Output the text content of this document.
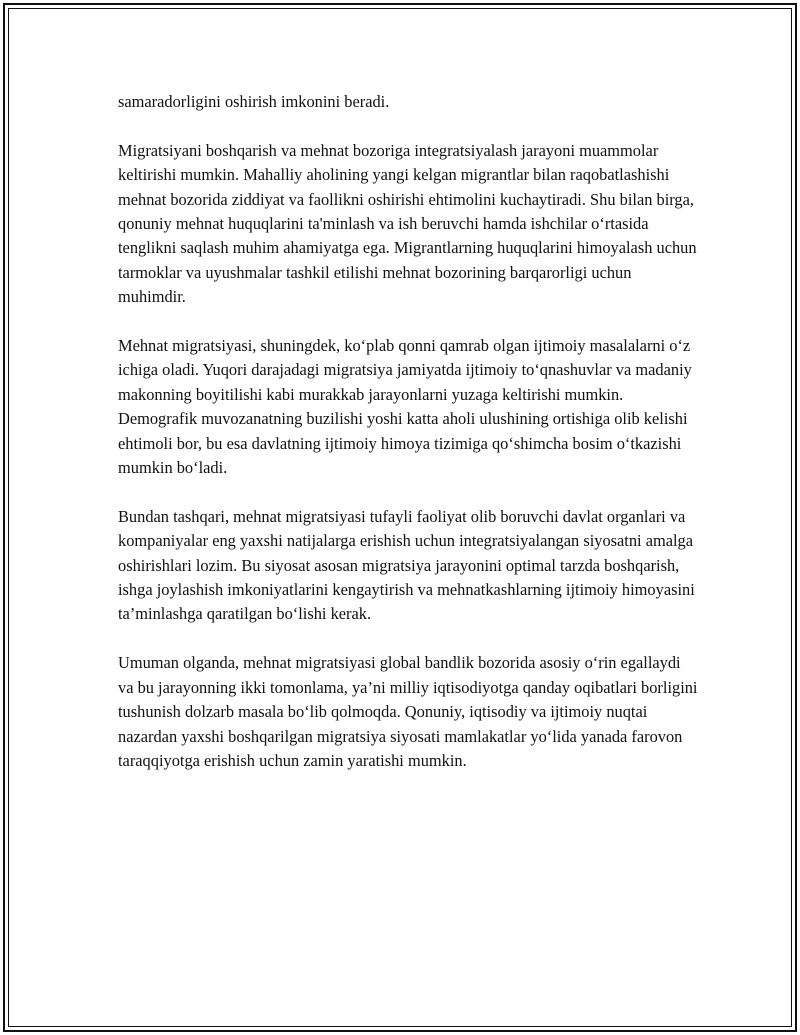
samaradorligini oshirish imkonini beradi.

Migratsiyani boshqarish va mehnat bozoriga integratsiyalash jarayoni muammolar keltirishi mumkin. Mahalliy aholining yangi kelgan migrantlar bilan raqobatlashishi mehnat bozorida ziddiyat va faollikni oshirishi ehtimolini kuchaytiradi. Shu bilan birga, qonuniy mehnat huquqlarini ta'minlash va ish beruvchi hamda ishchilar o‘rtasida tenglikni saqlash muhim ahamiyatga ega. Migrantlarning huquqlarini himoyalash uchun tarmoklar va uyushmalar tashkil etilishi mehnat bozorining barqarorligi uchun muhimdir.

Mehnat migratsiyasi, shuningdek, ko‘plab qonni qamrab olgan ijtimoiy masalalarni o‘z ichiga oladi. Yuqori darajadagi migratsiya jamiyatda ijtimoiy to‘qnashuvlar va madaniy makonning boyitilishi kabi murakkab jarayonlarni yuzaga keltirishi mumkin. Demografik muvozanatning buzilishi yoshi katta aholi ulushining ortishiga olib kelishi ehtimoli bor, bu esa davlatning ijtimoiy himoya tizimiga qo‘shimcha bosim o‘tkazishi mumkin bo‘ladi.

Bundan tashqari, mehnat migratsiyasi tufayli faoliyat olib boruvchi davlat organlari va kompaniyalar eng yaxshi natijalarga erishish uchun integratsiyalangan siyosatni amalga oshirishlari lozim. Bu siyosat asosan migratsiya jarayonini optimal tarzda boshqarish, ishga joylashish imkoniyatlarini kengaytirish va mehnatkashlarning ijtimoiy himoyasini ta’minlashga qaratilgan bo‘lishi kerak.

Umuman olganda, mehnat migratsiyasi global bandlik bozorida asosiy o‘rin egallaydi va bu jarayonning ikki tomonlama, ya’ni milliy iqtisodiyotga qanday oqibatlari borligini tushunish dolzarb masala bo‘lib qolmoqda. Qonuniy, iqtisodiy va ijtimoiy nuqtai nazardan yaxshi boshqarilgan migratsiya siyosati mamlakatlar yo‘lida yanada farovon taraqqiyotga erishish uchun zamin yaratishi mumkin.
